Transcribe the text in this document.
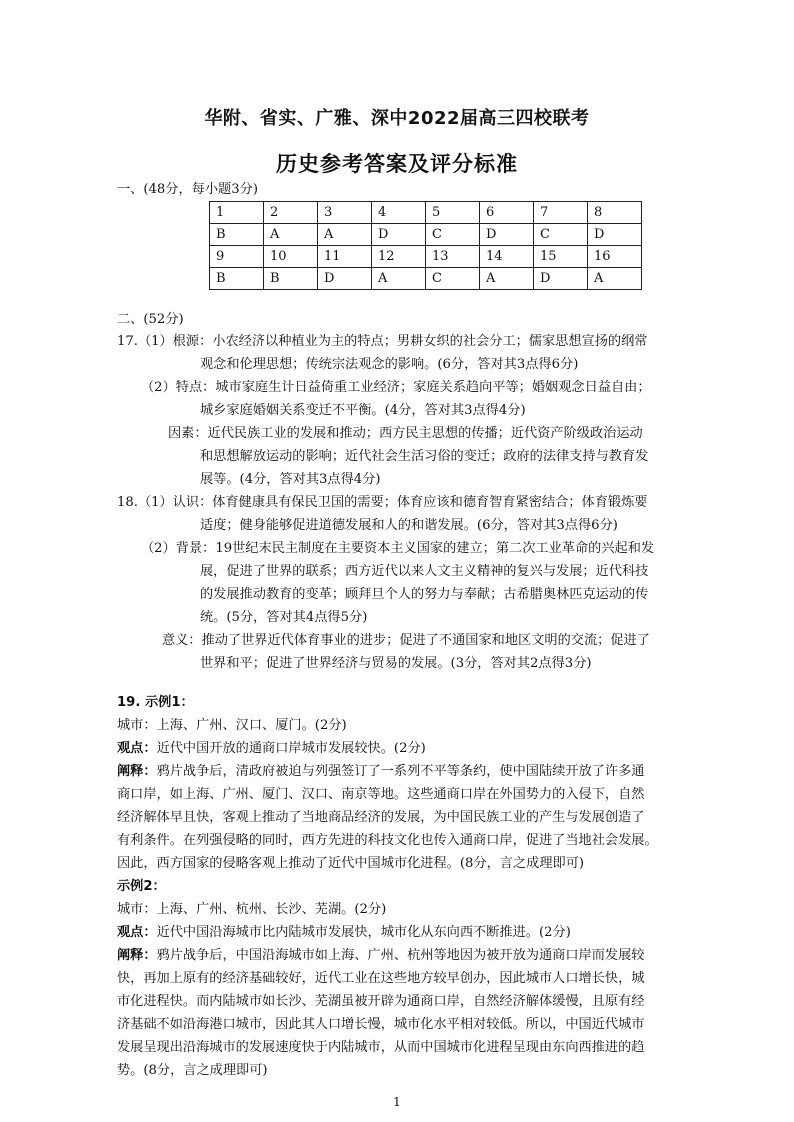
华附、省实、广雅、深中2022届高三四校联考
历史参考答案及评分标准
一、(48分，每小题3分)
1	2	3	4	5	6	7	8
B	A	A	D	C	D	C	D
9	10	11	12	13	14	15	16
B	B	D	A	C	A	D	A
二、(52分)
17.（1）根源：小农经济以种植业为主的特点；男耕女织的社会分工；儒家思想宣扬的纲常
观念和伦理思想；传统宗法观念的影响。(6分，答对其3点得6分)
（2）特点：城市家庭生计日益倚重工业经济；家庭关系趋向平等；婚姻观念日益自由；
城乡家庭婚姻关系变迁不平衡。(4分，答对其3点得4分)
因素：近代民族工业的发展和推动；西方民主思想的传播；近代资产阶级政治运动
和思想解放运动的影响；近代社会生活习俗的变迁；政府的法律支持与教育发
展等。(4分，答对其3点得4分)
18.（1）认识：体育健康具有保民卫国的需要；体育应该和德育智育紧密结合；体育锻炼要
适度；健身能够促进道德发展和人的和谐发展。(6分，答对其3点得6分)
（2）背景：19世纪末民主制度在主要资本主义国家的建立；第二次工业革命的兴起和发
展，促进了世界的联系；西方近代以来人文主义精神的复兴与发展；近代科技
的发展推动教育的变革；顾拜旦个人的努力与奉献；古希腊奥林匹克运动的传
统。(5分，答对其4点得5分)
意义：推动了世界近代体育事业的进步；促进了不通国家和地区文明的交流；促进了
世界和平；促进了世界经济与贸易的发展。(3分，答对其2点得3分)
19. 示例1：
城市：上海、广州、汉口、厦门。(2分)
观点：近代中国开放的通商口岸城市发展较快。(2分)
阐释：鸦片战争后，清政府被迫与列强签订了一系列不平等条约，使中国陆续开放了许多通
商口岸，如上海、广州、厦门、汉口、南京等地。这些通商口岸在外国势力的入侵下，自然
经济解体早且快，客观上推动了当地商品经济的发展，为中国民族工业的产生与发展创造了
有利条件。在列强侵略的同时，西方先进的科技文化也传入通商口岸，促进了当地社会发展。
因此，西方国家的侵略客观上推动了近代中国城市化进程。(8分，言之成理即可)
示例2：
城市：上海、广州、杭州、长沙、芜湖。(2分)
观点：近代中国沿海城市比内陆城市发展快，城市化从东向西不断推进。(2分)
阐释：鸦片战争后，中国沿海城市如上海、广州、杭州等地因为被开放为通商口岸而发展较
快，再加上原有的经济基础较好，近代工业在这些地方较早创办，因此城市人口增长快，城
市化进程快。而内陆城市如长沙、芜湖虽被开辟为通商口岸，自然经济解体缓慢，且原有经
济基础不如沿海港口城市，因此其人口增长慢，城市化水平相对较低。所以，中国近代城市
发展呈现出沿海城市的发展速度快于内陆城市，从而中国城市化进程呈现由东向西推进的趋
势。(8分，言之成理即可)
1
